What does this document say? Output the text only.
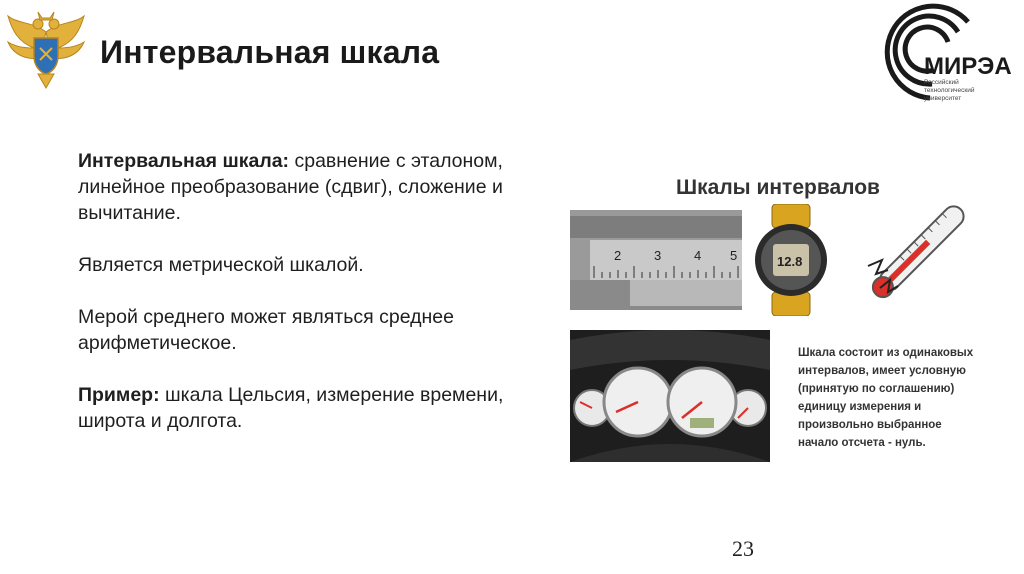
Интервальная шкала	МИРЭА
Российский
технологический
университет

Интервальная шкала: сравнение с эталоном, линейное преобразование (сдвиг), сложение и вычитание.

Является метрической шкалой.

Мерой среднего может являться среднее арифметическое.

Пример: шкала Цельсия, измерение времени, широта и долгота.

Шкалы интервалов
2	3	4 5	12.8
Шкала состоит из одинаковых интервалов, имеет условную (принятую по соглашению) единицу измерения и произвольно выбранное начало отсчета - нуль.
23
